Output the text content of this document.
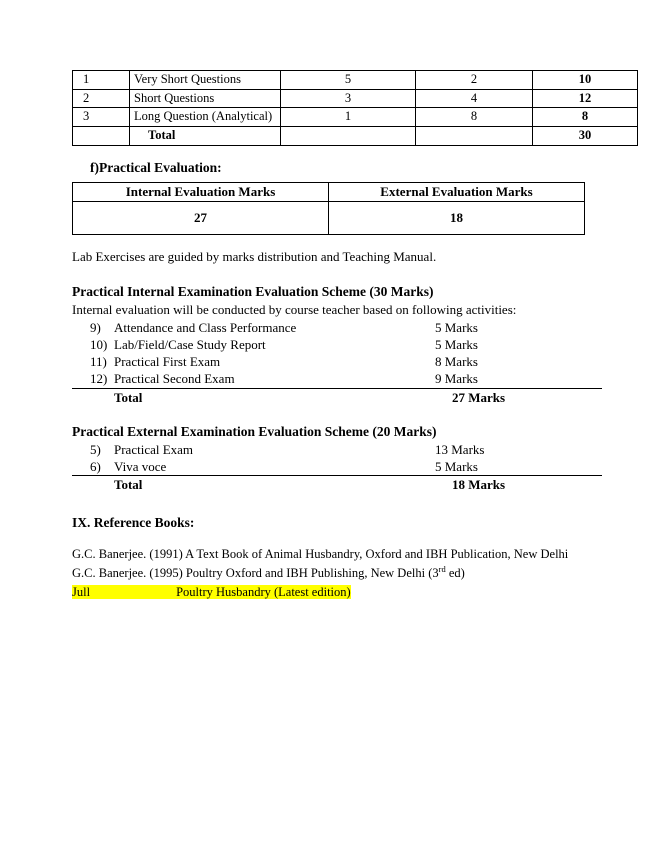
1	Very Short Questions	5	2	10
2	Short Questions	3	4	12
3	Long Question (Analytical)	1	8	8
	Total			30
f)Practical Evaluation:
Internal Evaluation Marks	External Evaluation Marks
27	18

Lab Exercises are guided by marks distribution and Teaching Manual.

Practical Internal Examination Evaluation Scheme (30 Marks)
Internal evaluation will be conducted by course teacher based on following activities:
9)	Attendance and Class Performance	5 Marks
10) Lab/Field/Case Study Report	5 Marks
11) Practical First Exam	8 Marks
12) Practical Second Exam	9 Marks
Total	27 Marks
Practical External Examination Evaluation Scheme (20 Marks)
5)	Practical Exam	13 Marks
6)	Viva voce	5 Marks
Total	18 Marks
IX. Reference Books:
G.C. Banerjee. (1991) A Text Book of Animal Husbandry, Oxford and IBH Publication, New Delhi
G.C. Banerjee. (1995) Poultry Oxford and IBH Publishing, New Delhi (3rd ed)
Jull	Poultry Husbandry (Latest edition)
